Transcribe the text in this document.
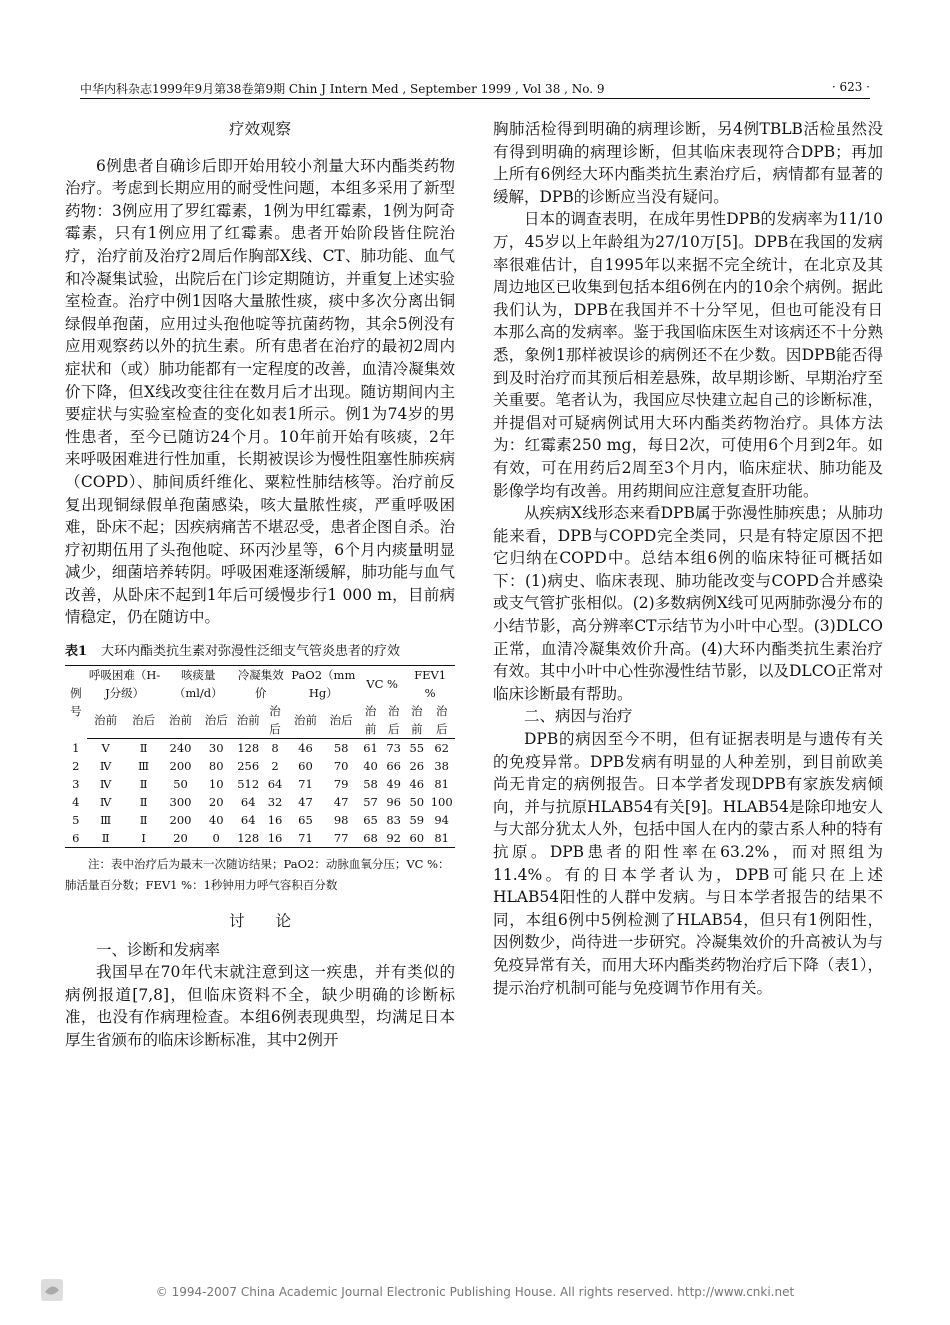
中华内科杂志1999年9月第38卷第9期 Chin J Intern Med , September 1999 , Vol 38 , No. 9	· 623 ·
疗效观察

6例患者自确诊后即开始用较小剂量大环内酯类药物治疗。考虑到长期应用的耐受性问题，本组多采用了新型药物：3例应用了罗红霉素，1例为甲红霉素，1例为阿奇霉素，只有1例应用了红霉素。患者开始阶段皆住院治疗，治疗前及治疗2周后作胸部X线、CT、肺功能、血气和冷凝集试验，出院后在门诊定期随访，并重复上述实验室检查。治疗中例1因咯大量脓性痰，痰中多次分离出铜绿假单孢菌，应用过头孢他啶等抗菌药物，其余5例没有应用观察药以外的抗生素。所有患者在治疗的最初2周内症状和（或）肺功能都有一定程度的改善，血清冷凝集效价下降，但X线改变往往在数月后才出现。随访期间内主要症状与实验室检查的变化如表1所示。例1为74岁的男性患者，至今已随访24个月。10年前开始有咳痰，2年来呼吸困难进行性加重，长期被误诊为慢性阻塞性肺疾病（COPD）、肺间质纤维化、粟粒性肺结核等。治疗前反复出现铜绿假单孢菌感染，咳大量脓性痰，严重呼吸困难，卧床不起；因疾病痛苦不堪忍受，患者企图自杀。治疗初期伍用了头孢他啶、环丙沙星等，6个月内痰量明显减少，细菌培养转阴。呼吸困难逐渐缓解，肺功能与血气改善，从卧床不起到1年后可缓慢步行1 000 m，目前病情稳定，仍在随访中。

表1 大环内酯类抗生素对弥漫性泛细支气管炎患者的疗效
例号	呼吸困难（H-J分级）		咳痰量（ml/d）		冷凝集效价		PaO2（mm Hg）		VC %		FEV1 %	
	治前	治后	治前	治后	治前	治后	治前	治后	治前	治后	治前	治后
1	Ⅴ	Ⅱ	240	30	128	8	46	58	61	73	55	62
2	Ⅳ	Ⅲ	200	80	256	2	60	70	40	66	26	38
3	Ⅳ	Ⅱ	50	10	512	64	71	79	58	49	46	81
4	Ⅳ	Ⅱ	300	20	64	32	47	47	57	96	50	100
5	Ⅲ	Ⅱ	200	40	64	16	65	98	65	83	59	94
6	Ⅱ	Ⅰ	20	0	128	16	71	77	68	92	60	81
注：表中治疗后为最末一次随访结果；PaO2：动脉血氧分压；VC %：肺活量百分数；FEV1 %：1秒钟用力呼气容积百分数
讨　　论
一、诊断和发病率

我国早在70年代末就注意到这一疾患，并有类似的病例报道[7,8]，但临床资料不全，缺少明确的诊断标准，也没有作病理检查。本组6例表现典型，均满足日本厚生省颁布的临床诊断标准，其中2例开

胸肺活检得到明确的病理诊断，另4例TBLB活检虽然没有得到明确的病理诊断，但其临床表现符合DPB；再加上所有6例经大环内酯类抗生素治疗后，病情都有显著的缓解，DPB的诊断应当没有疑问。

日本的调查表明，在成年男性DPB的发病率为11/10万，45岁以上年龄组为27/10万[5]。DPB在我国的发病率很难估计，自1995年以来据不完全统计，在北京及其周边地区已收集到包括本组6例在内的10余个病例。据此我们认为，DPB在我国并不十分罕见，但也可能没有日本那么高的发病率。鉴于我国临床医生对该病还不十分熟悉，象例1那样被误诊的病例还不在少数。因DPB能否得到及时治疗而其预后相差悬殊，故早期诊断、早期治疗至关重要。笔者认为，我国应尽快建立起自己的诊断标准，并提倡对可疑病例试用大环内酯类药物治疗。具体方法为：红霉素250 mg，每日2次，可使用6个月到2年。如有效，可在用药后2周至3个月内，临床症状、肺功能及影像学均有改善。用药期间应注意复查肝功能。

从疾病X线形态来看DPB属于弥漫性肺疾患；从肺功能来看，DPB与COPD完全类同，只是有特定原因不把它归纳在COPD中。总结本组6例的临床特征可概括如下：(1)病史、临床表现、肺功能改变与COPD合并感染或支气管扩张相似。(2)多数病例X线可见两肺弥漫分布的小结节影，高分辨率CT示结节为小叶中心型。(3)DLCO正常，血清冷凝集效价升高。(4)大环内酯类抗生素治疗有效。其中小叶中心性弥漫性结节影，以及DLCO正常对临床诊断最有帮助。

二、病因与治疗

DPB的病因至今不明，但有证据表明是与遗传有关的免疫异常。DPB发病有明显的人种差别，到目前欧美尚无肯定的病例报告。日本学者发现DPB有家族发病倾向，并与抗原HLAB54有关[9]。HLAB54是除印地安人与大部分犹太人外，包括中国人在内的蒙古系人种的特有抗原。DPB患者的阳性率在63.2%，而对照组为11.4%。有的日本学者认为，DPB可能只在上述HLAB54阳性的人群中发病。与日本学者报告的结果不同，本组6例中5例检测了HLAB54，但只有1例阳性，因例数少，尚待进一步研究。冷凝集效价的升高被认为与免疫异常有关，而用大环内酯类药物治疗后下降（表1），提示治疗机制可能与免疫调节作用有关。

© 1994-2007 China Academic Journal Electronic Publishing House. All rights reserved. http://www.cnki.net
